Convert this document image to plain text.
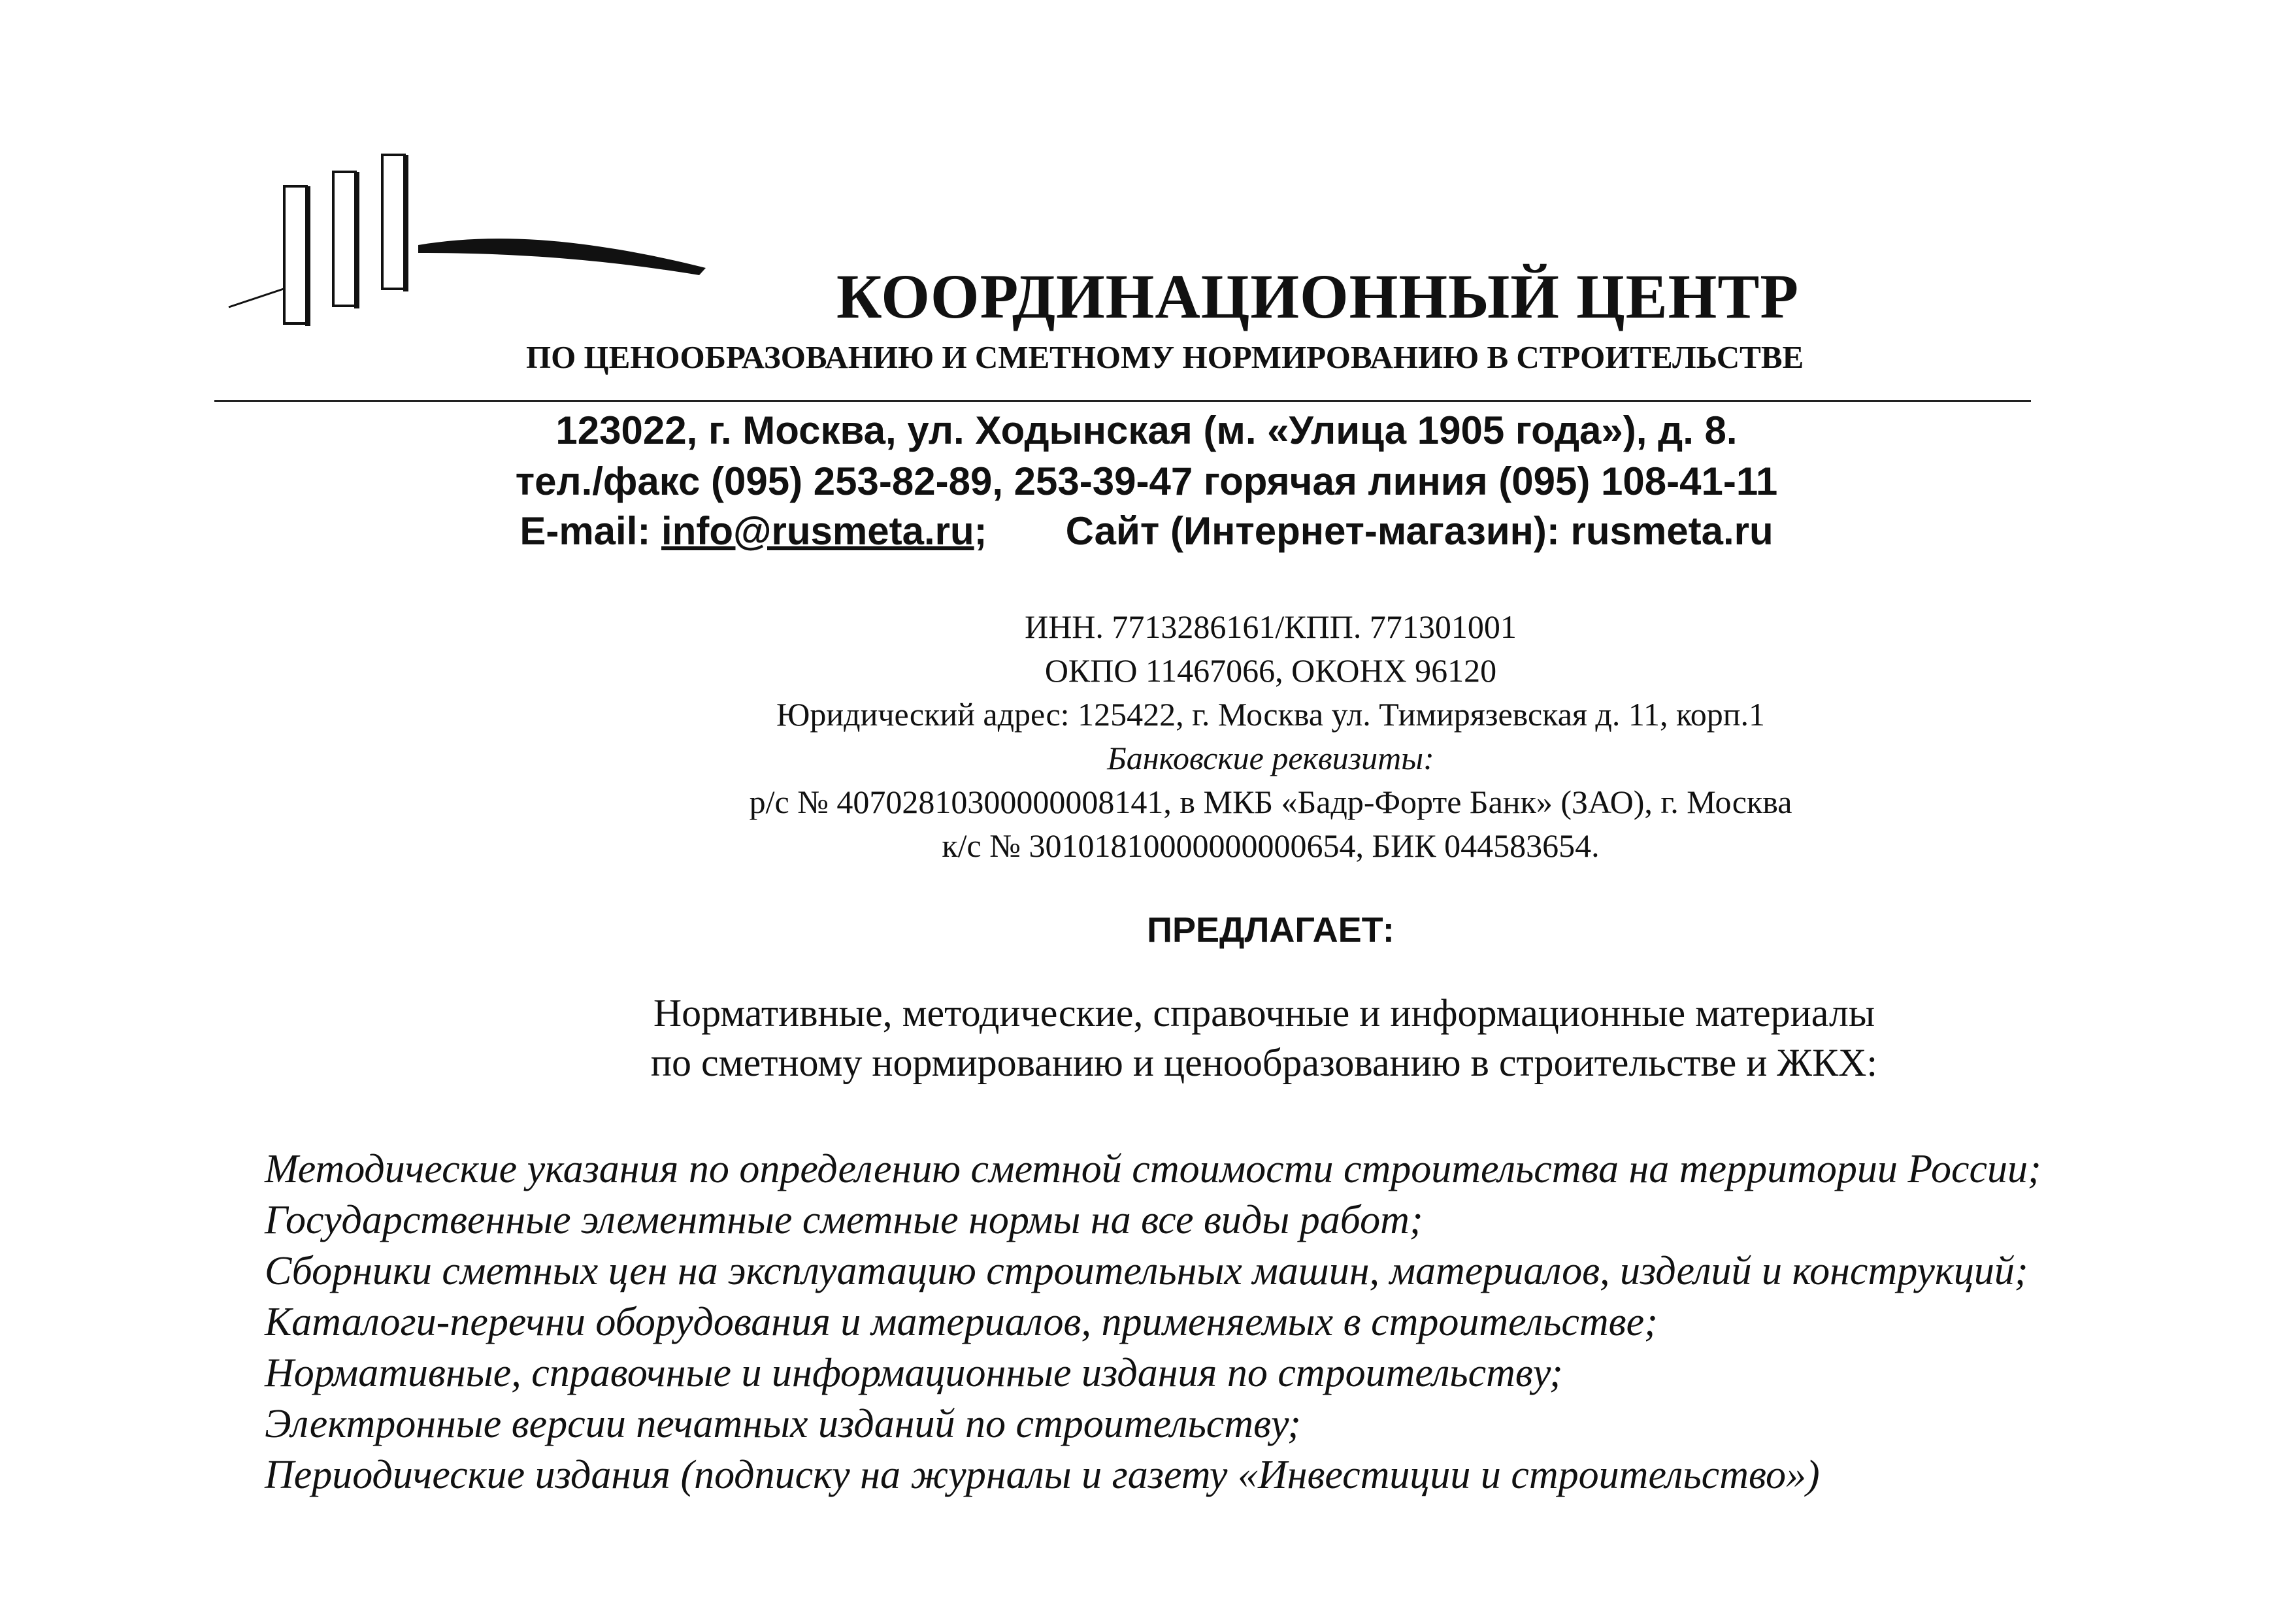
КООРДИНАЦИОННЫЙ ЦЕНТР
ПО ЦЕНООБРАЗОВАНИЮ И СМЕТНОМУ НОРМИРОВАНИЮ В СТРОИТЕЛЬСТВЕ
123022, г. Москва, ул. Ходынская (м. «Улица 1905 года»), д. 8.
тел./факс (095) 253-82-89, 253-39-47 горячая линия (095) 108-41-11
E-mail: info@rusmeta.ru; Сайт (Интернет-магазин): rusmeta.ru
ИНН. 7713286161/КПП. 771301001
ОКПО 11467066, ОКОНХ 96120
Юридический адрес: 125422, г. Москва ул. Тимирязевская д. 11, корп.1
Банковские реквизиты:
р/с № 40702810300000008141, в МКБ «Бадр-Форте Банк» (ЗАО), г. Москва
к/с № 30101810000000000654, БИК 044583654.
ПРЕДЛАГАЕТ:
Нормативные, методические, справочные и информационные материалы
по сметному нормированию и ценообразованию в строительстве и ЖКХ:
Методические указания по определению сметной стоимости строительства на территории России;
Государственные элементные сметные нормы на все виды работ;
Сборники сметных цен на эксплуатацию строительных машин, материалов, изделий и конструкций;
Каталоги-перечни оборудования и материалов, применяемых в строительстве;
Нормативные, справочные и информационные издания по строительству;
Электронные версии печатных изданий по строительству;
Периодические издания (подписку на журналы и газету «Инвестиции и строительство»)
